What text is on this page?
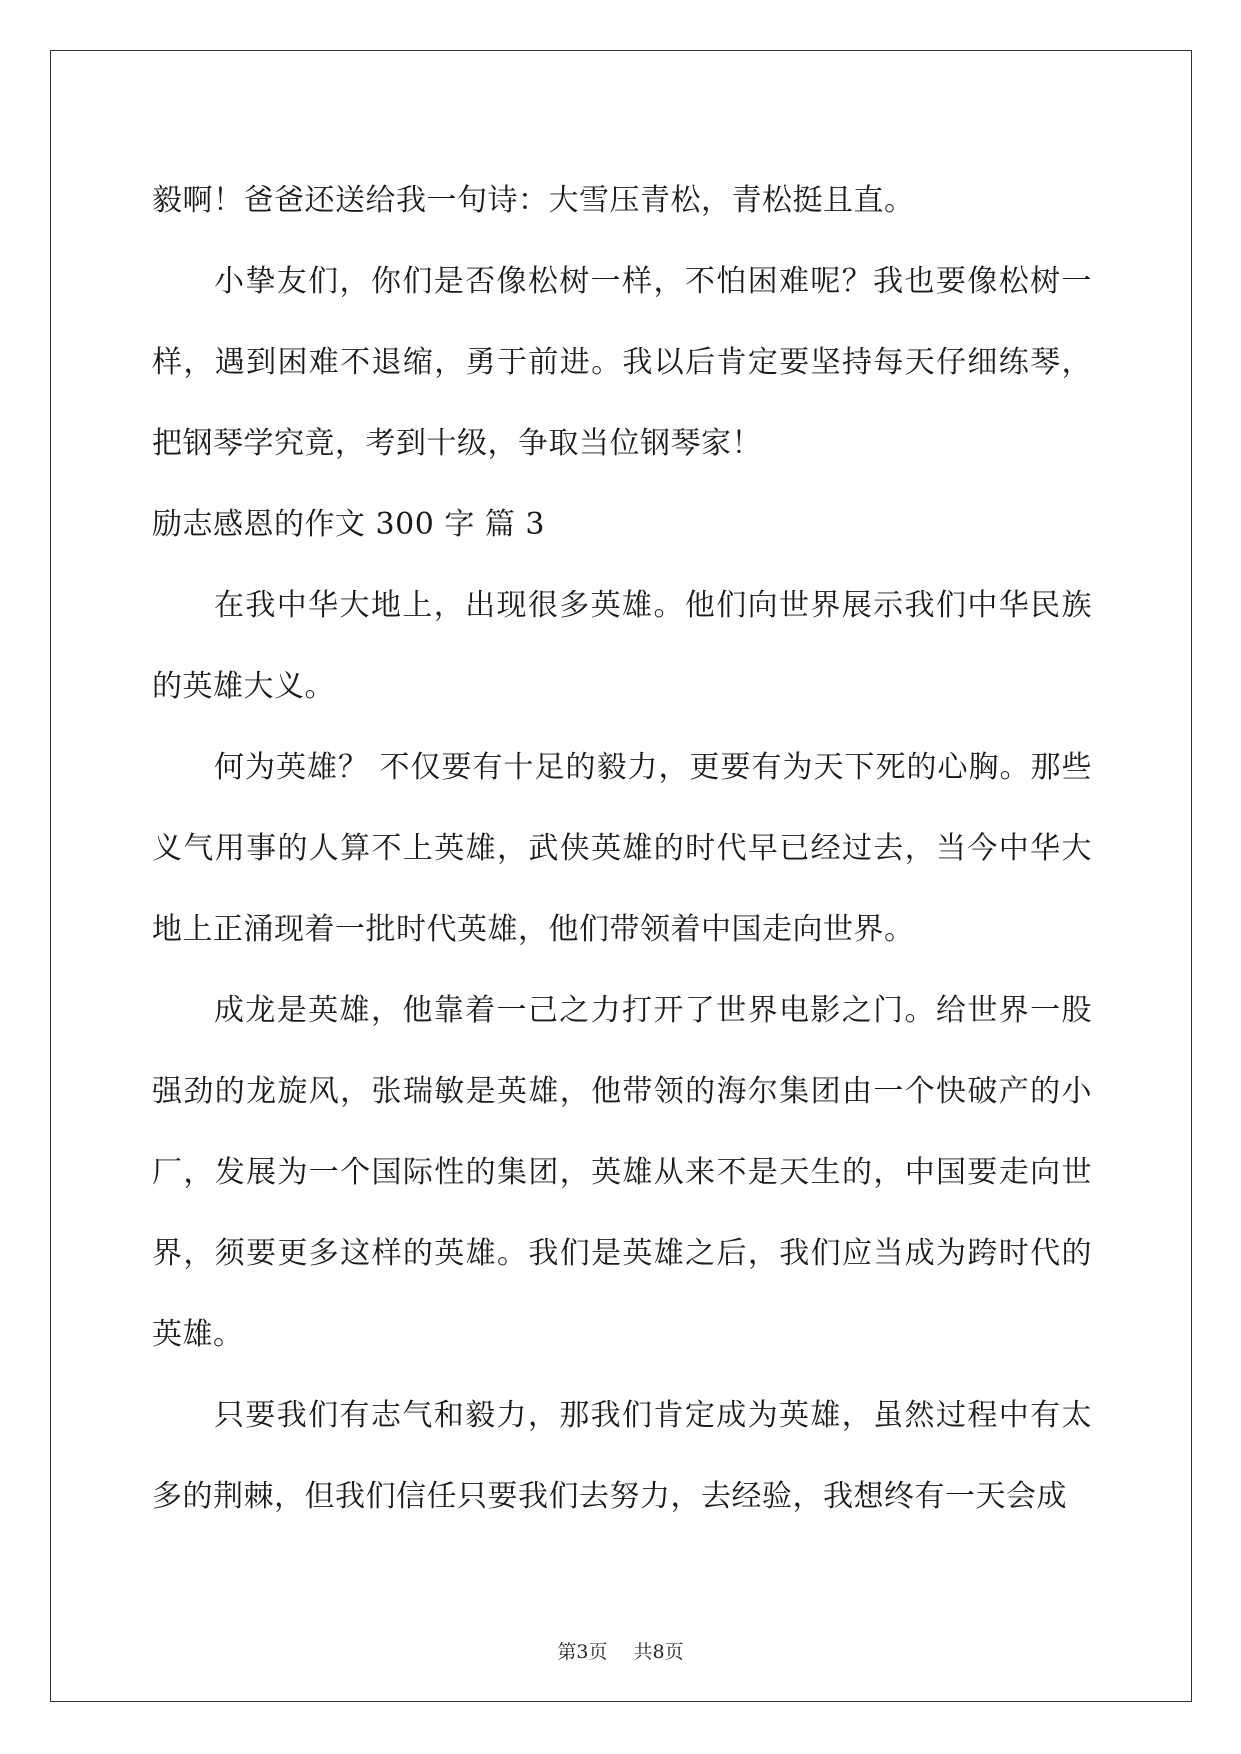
毅啊！爸爸还送给我一句诗：大雪压青松，青松挺且直。

小挚友们，你们是否像松树一样，不怕困难呢？我也要像松树一样，遇到困难不退缩，勇于前进。我以后肯定要坚持每天仔细练琴，把钢琴学究竟，考到十级，争取当位钢琴家！

励志感恩的作文 300 字 篇 3

在我中华大地上，出现很多英雄。他们向世界展示我们中华民族的英雄大义。

何为英雄？ 不仅要有十足的毅力，更要有为天下死的心胸。那些义气用事的人算不上英雄，武侠英雄的时代早已经过去，当今中华大地上正涌现着一批时代英雄，他们带领着中国走向世界。

成龙是英雄，他靠着一己之力打开了世界电影之门。给世界一股强劲的龙旋风，张瑞敏是英雄，他带领的海尔集团由一个快破产的小厂，发展为一个国际性的集团，英雄从来不是天生的，中国要走向世界，须要更多这样的英雄。我们是英雄之后，我们应当成为跨时代的英雄。

只要我们有志气和毅力，那我们肯定成为英雄，虽然过程中有太多的荆棘，但我们信任只要我们去努力，去经验，我想终有一天会成

第3页 共8页
